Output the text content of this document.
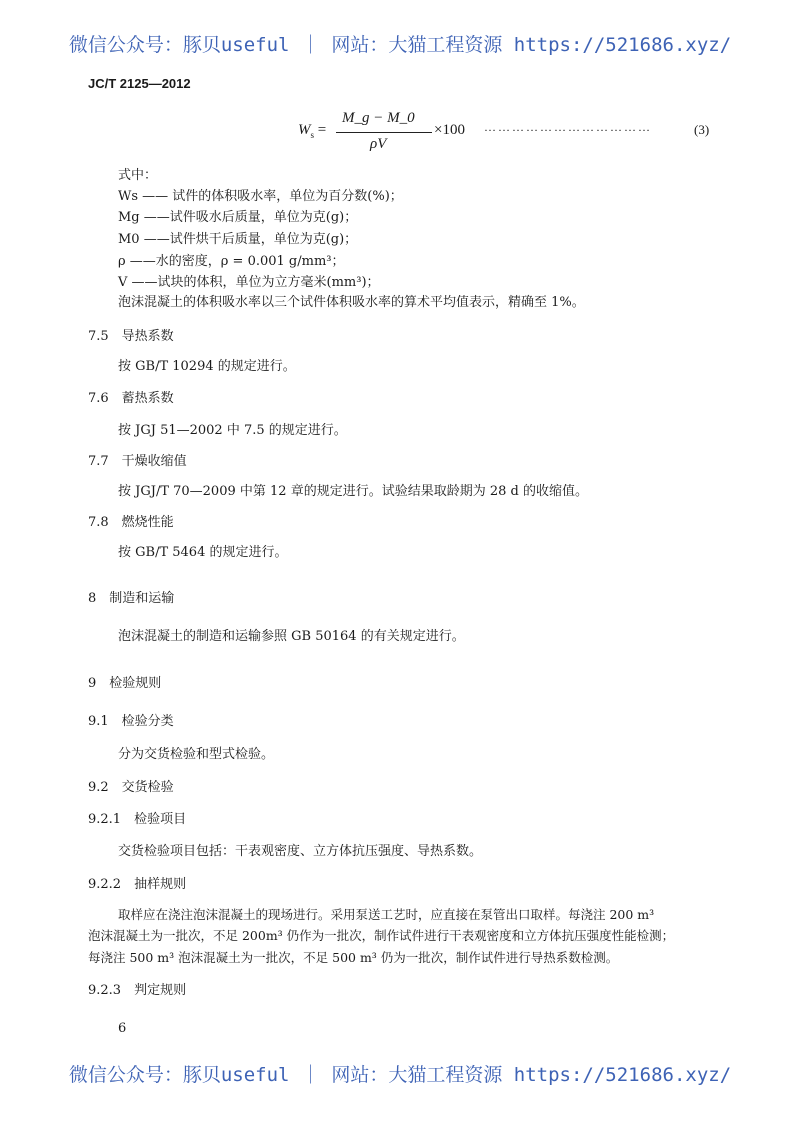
微信公众号：豚贝useful ｜ 网站：大猫工程资源 https://521686.xyz/
JC/T 2125—2012
$W_s$ =
M_g − M_0
ρV
×100 ………………………………	(3)
式中：
Ws —— 试件的体积吸水率，单位为百分数(%)；
Mg ——试件吸水后质量，单位为克(g)；
M0 ——试件烘干后质量，单位为克(g)；
ρ ——水的密度，ρ = 0.001 g/mm³；
V ——试块的体积，单位为立方毫米(mm³)；
泡沫混凝土的体积吸水率以三个试件体积吸水率的算术平均值表示，精确至 1%。
7.5　导热系数
按 GB/T 10294 的规定进行。
7.6　蓄热系数
按 JGJ 51—2002 中 7.5 的规定进行。
7.7　干燥收缩值
按 JGJ/T 70—2009 中第 12 章的规定进行。试验结果取龄期为 28 d 的收缩值。
7.8　燃烧性能
按 GB/T 5464 的规定进行。
8　制造和运输
泡沫混凝土的制造和运输参照 GB 50164 的有关规定进行。
9　检验规则
9.1　检验分类
分为交货检验和型式检验。
9.2　交货检验
9.2.1　检验项目
交货检验项目包括：干表观密度、立方体抗压强度、导热系数。
9.2.2　抽样规则
取样应在浇注泡沫混凝土的现场进行。采用泵送工艺时，应直接在泵管出口取样。每浇注 200 m³
泡沫混凝土为一批次，不足 200m³ 仍作为一批次，制作试件进行干表观密度和立方体抗压强度性能检测；
每浇注 500 m³ 泡沫混凝土为一批次，不足 500 m³ 仍为一批次，制作试件进行导热系数检测。
9.2.3　判定规则
6
微信公众号：豚贝useful ｜ 网站：大猫工程资源 https://521686.xyz/
